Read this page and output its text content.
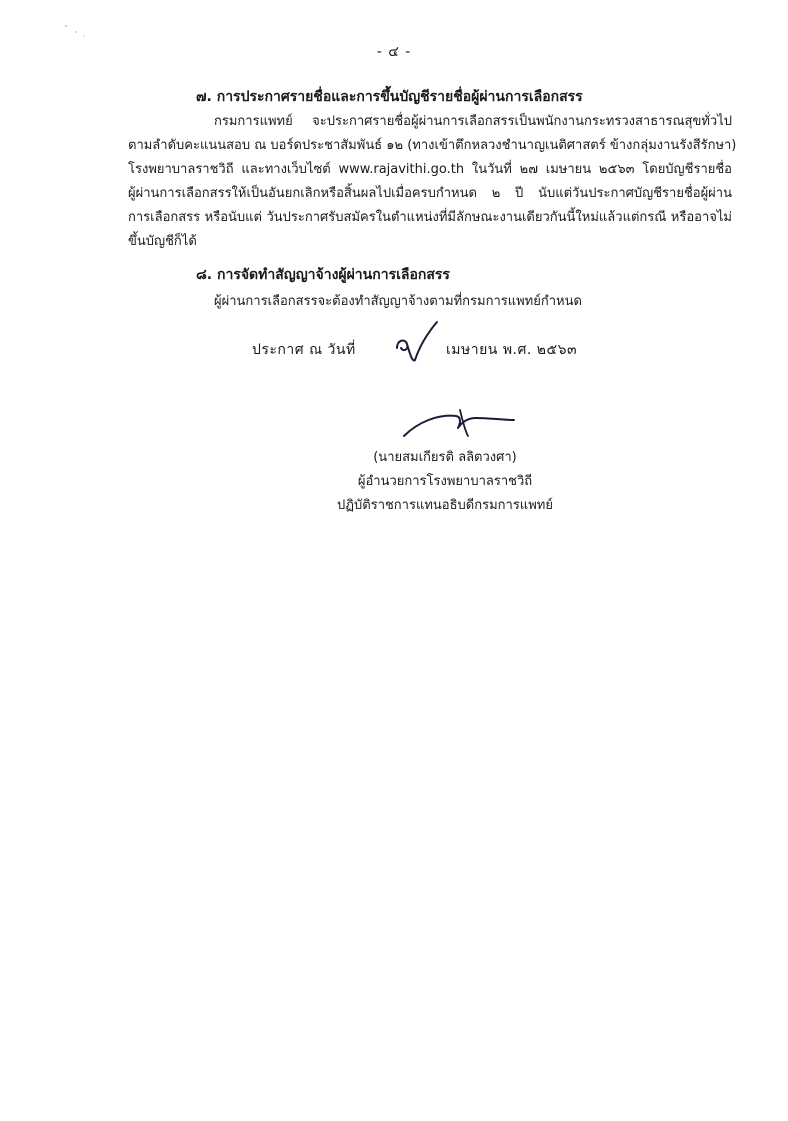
- ๔ -
๗. การประกาศรายชื่อและการขึ้นบัญชีรายชื่อผู้ผ่านการเลือกสรร
กรมการแพทย์ จะประกาศรายชื่อผู้ผ่านการเลือกสรรเป็นพนักงานกระทรวงสาธารณสุขทั่วไป
ตามลำดับคะแนนสอบ ณ บอร์ดประชาสัมพันธ์ ๑๒ (ทางเข้าตึกหลวงชำนาญเนติศาสตร์ ข้างกลุ่มงานรังสีรักษา)
โรงพยาบาลราชวิถี และทางเว็บไซต์ www.rajavithi.go.th ในวันที่ ๒๗ เมษายน ๒๕๖๓ โดยบัญชีรายชื่อ
ผู้ผ่านการเลือกสรรให้เป็นอันยกเลิกหรือสิ้นผลไปเมื่อครบกำหนด ๒ ปี นับแต่วันประกาศบัญชีรายชื่อผู้ผ่าน
การเลือกสรร หรือนับแต่ วันประกาศรับสมัครในตำแหน่งที่มีลักษณะงานเดียวกันนี้ใหม่แล้วแต่กรณี หรืออาจไม่
ขึ้นบัญชีก็ได้
๘. การจัดทำสัญญาจ้างผู้ผ่านการเลือกสรร
ผู้ผ่านการเลือกสรรจะต้องทำสัญญาจ้างตามที่กรมการแพทย์กำหนด
ประกาศ ณ วันที่	เมษายน พ.ศ. ๒๕๖๓
(นายสมเกียรติ ลลิตวงศา)
ผู้อำนวยการโรงพยาบาลราชวิถี
ปฏิบัติราชการแทนอธิบดีกรมการแพทย์
